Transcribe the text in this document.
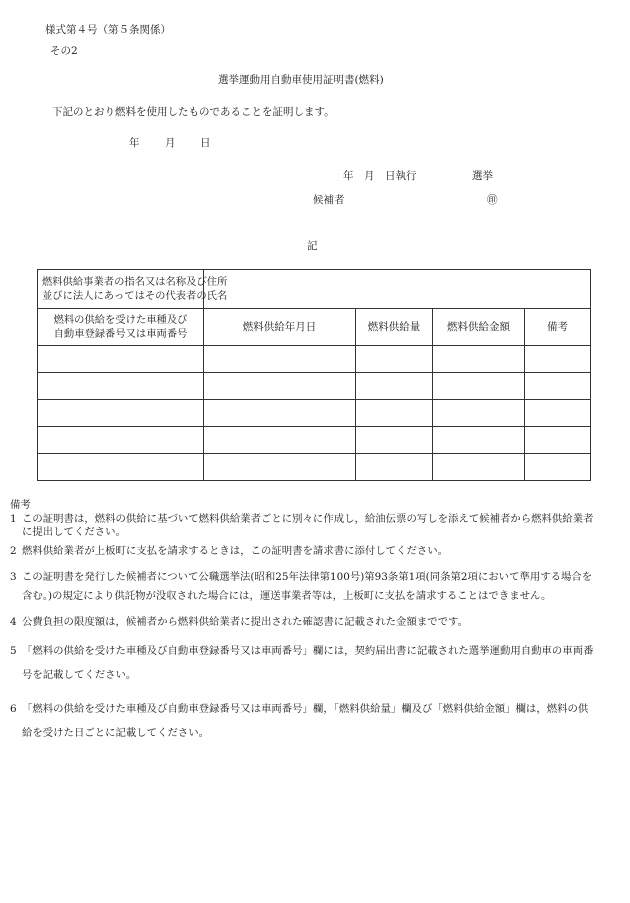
様式第４号（第５条関係）
その2
選挙運動用自動車使用証明書(燃料)
下記のとおり燃料を使用したものであることを証明します。
年 月 日
年　月　日執行	選挙
候補者	㊞
記
燃料供給事業者の指名又は名称及び住所
並びに法人にあってはその代表者の氏名				

燃料の供給を受けた車種及び
自動車登録番号又は車両番号	燃料供給年月日	燃料供給量	燃料供給金額	備考

備考
1 この証明書は，燃料の供給に基づいて燃料供給業者ごとに別々に作成し，給油伝票の写しを添えて候補者から燃料供給業者に提出してください。
2 燃料供給業者が上板町に支払を請求するときは，この証明書を請求書に添付してください。
3 この証明書を発行した候補者について公職選挙法(昭和25年法律第100号)第93条第1項(同条第2項において準用する場合を含む。)の規定により供託物が没収された場合には，運送事業者等は，上板町に支払を請求することはできません。
4 公費負担の限度額は，候補者から燃料供給業者に提出された確認書に記載された金額までです。
5 「燃料の供給を受けた車種及び自動車登録番号又は車両番号」欄には，契約届出書に記載された選挙運動用自動車の車両番号を記載してください。
6 「燃料の供給を受けた車種及び自動車登録番号又は車両番号」欄，「燃料供給量」欄及び「燃料供給金額」欄は，燃料の供給を受けた日ごとに記載してください。
